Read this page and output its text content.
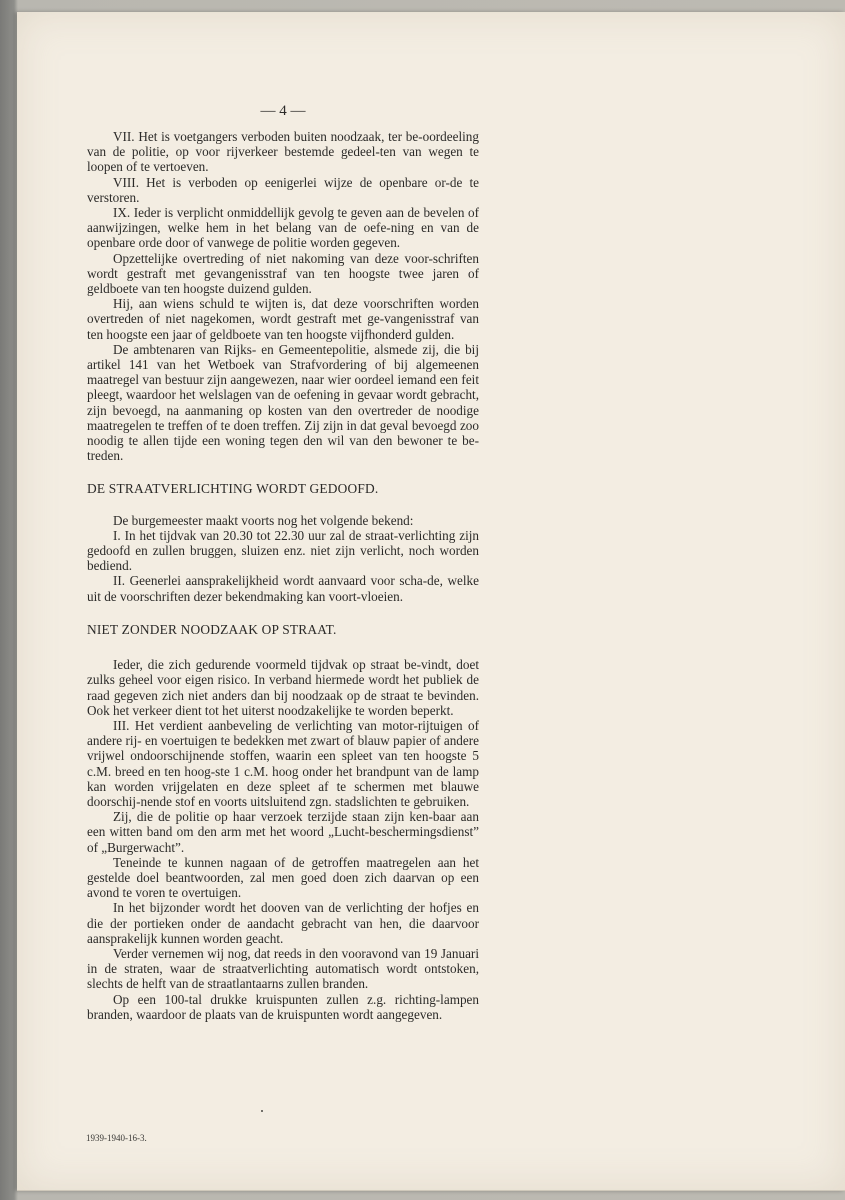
— 4 —

VII. Het is voetgangers verboden buiten noodzaak, ter be-oordeeling van de politie, op voor rijverkeer bestemde gedeel-ten van wegen te loopen of te vertoeven.

VIII. Het is verboden op eenigerlei wijze de openbare or-de te verstoren.

IX. Ieder is verplicht onmiddellijk gevolg te geven aan de bevelen of aanwijzingen, welke hem in het belang van de oefe-ning en van de openbare orde door of vanwege de politie worden gegeven.

Opzettelijke overtreding of niet nakoming van deze voor-schriften wordt gestraft met gevangenisstraf van ten hoogste twee jaren of geldboete van ten hoogste duizend gulden.

Hij, aan wiens schuld te wijten is, dat deze voorschriften worden overtreden of niet nagekomen, wordt gestraft met ge-vangenisstraf van ten hoogste een jaar of geldboete van ten hoogste vijfhonderd gulden.

De ambtenaren van Rijks- en Gemeentepolitie, alsmede zij, die bij artikel 141 van het Wetboek van Strafvordering of bij algemeenen maatregel van bestuur zijn aangewezen, naar wier oordeel iemand een feit pleegt, waardoor het welslagen van de oefening in gevaar wordt gebracht, zijn bevoegd, na aanmaning op kosten van den overtreder de noodige maatregelen te treffen of te doen treffen. Zij zijn in dat geval bevoegd zoo noodig te allen tijde een woning tegen den wil van den bewoner te be-treden.

DE STRAATVERLICHTING WORDT GEDOOFD.

De burgemeester maakt voorts nog het volgende bekend:

I. In het tijdvak van 20.30 tot 22.30 uur zal de straat-verlichting zijn gedoofd en zullen bruggen, sluizen enz. niet zijn verlicht, noch worden bediend.

II. Geenerlei aansprakelijkheid wordt aanvaard voor scha-de, welke uit de voorschriften dezer bekendmaking kan voort-vloeien.

NIET ZONDER NOODZAAK OP STRAAT.

Ieder, die zich gedurende voormeld tijdvak op straat be-vindt, doet zulks geheel voor eigen risico. In verband hiermede wordt het publiek de raad gegeven zich niet anders dan bij noodzaak op de straat te bevinden. Ook het verkeer dient tot het uiterst noodzakelijke te worden beperkt.

III. Het verdient aanbeveling de verlichting van motor-rijtuigen of andere rij- en voertuigen te bedekken met zwart of blauw papier of andere vrijwel ondoorschijnende stoffen, waarin een spleet van ten hoogste 5 c.M. breed en ten hoog-ste 1 c.M. hoog onder het brandpunt van de lamp kan worden vrijgelaten en deze spleet af te schermen met blauwe doorschij-nende stof en voorts uitsluitend zgn. stadslichten te gebruiken.

Zij, die de politie op haar verzoek terzijde staan zijn ken-baar aan een witten band om den arm met het woord „Lucht-beschermingsdienst” of „Burgerwacht”.

Teneinde te kunnen nagaan of de getroffen maatregelen aan het gestelde doel beantwoorden, zal men goed doen zich daarvan op een avond te voren te overtuigen.

In het bijzonder wordt het dooven van de verlichting der hofjes en die der portieken onder de aandacht gebracht van hen, die daarvoor aansprakelijk kunnen worden geacht.

Verder vernemen wij nog, dat reeds in den vooravond van 19 Januari in de straten, waar de straatverlichting automatisch wordt ontstoken, slechts de helft van de straatlantaarns zullen branden.

Op een 100-tal drukke kruispunten zullen z.g. richting-lampen branden, waardoor de plaats van de kruispunten wordt aangegeven.

1939-1940-16-3.
